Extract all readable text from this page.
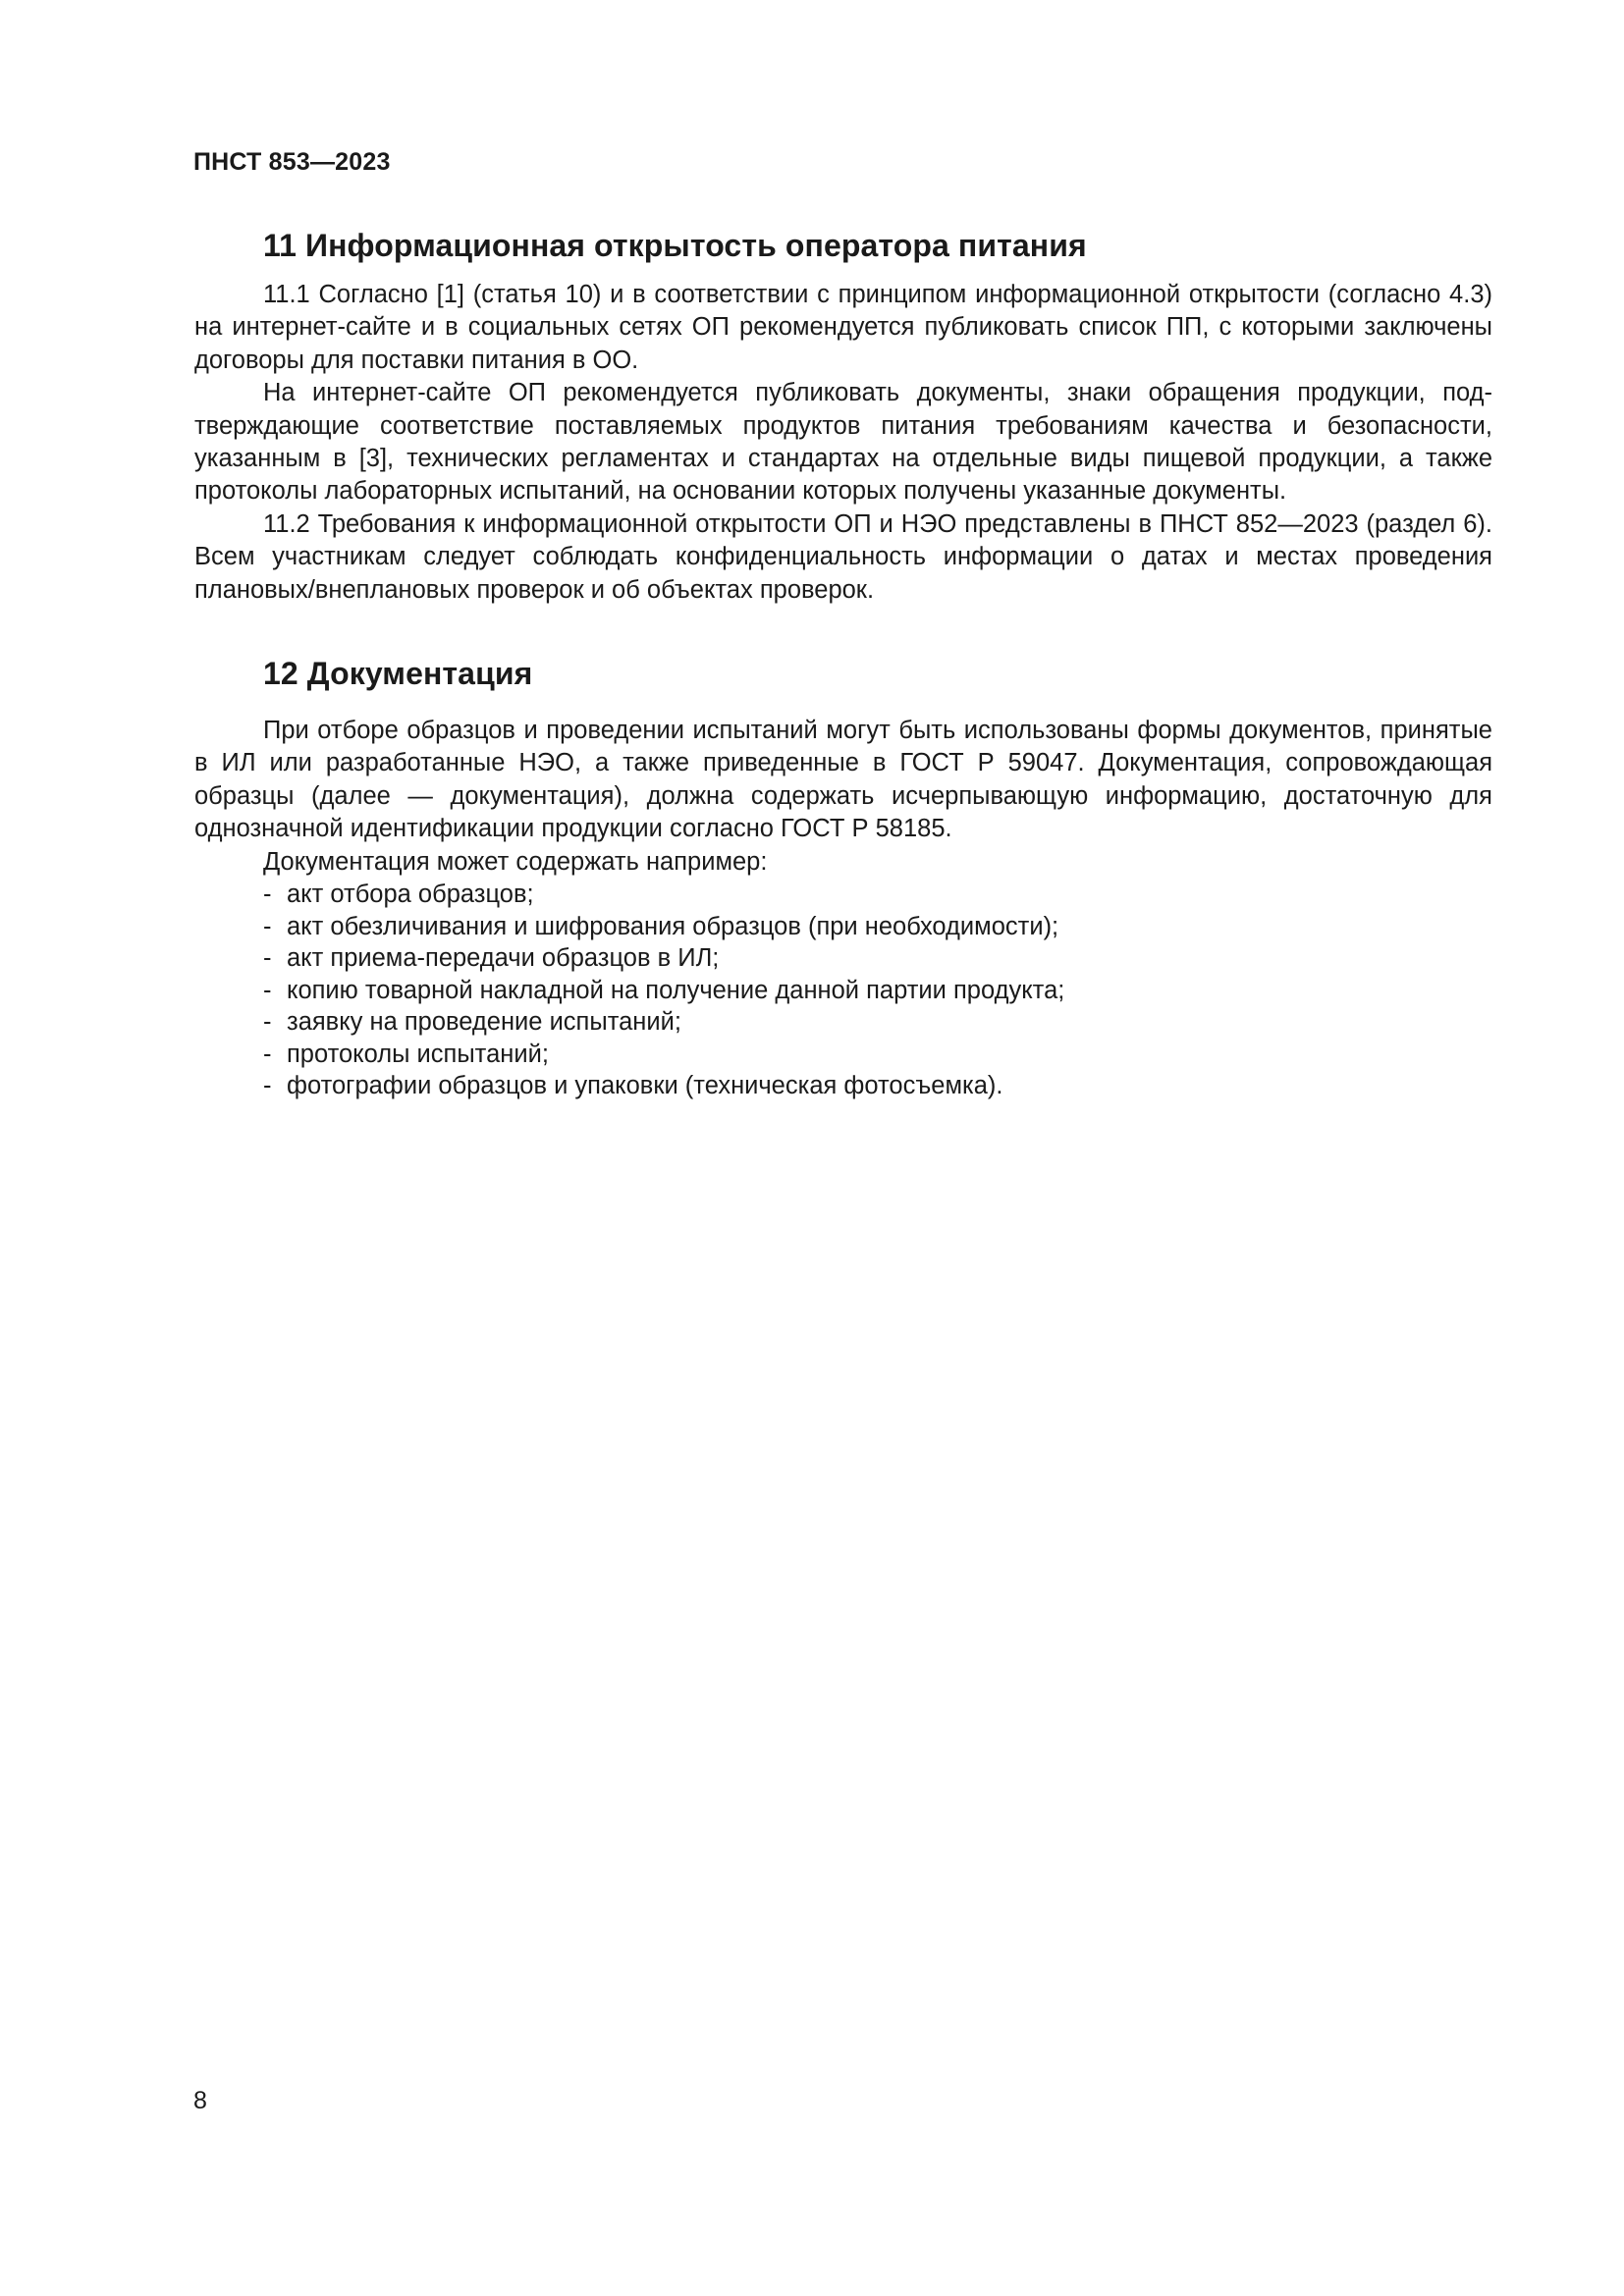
ПНСТ 853—2023

11 Информационная открытость оператора питания

11.1 Согласно [1] (статья 10) и в соответствии с принципом информационной открытости (согласно 4.3) на интернет-сайте и в социальных сетях ОП рекомендуется публиковать список ПП, с которыми заключены договоры для поставки питания в ОО.

На интернет-сайте ОП рекомендуется публиковать документы, знаки обращения продукции, подтверждающие соответствие поставляемых продуктов питания требованиям качества и безопасности, указанным в [3], технических регламентах и стандартах на отдельные виды пищевой продукции, а также протоколы лабораторных испытаний, на основании которых получены указанные документы.

11.2 Требования к информационной открытости ОП и НЭО представлены в ПНСТ 852—2023 (раздел 6). Всем участникам следует соблюдать конфиденциальность информации о датах и местах проведения плановых/внеплановых проверок и об объектах проверок.

12 Документация

При отборе образцов и проведении испытаний могут быть использованы формы документов, принятые в ИЛ или разработанные НЭО, а также приведенные в ГОСТ Р 59047. Документация, сопровождающая образцы (далее — документация), должна содержать исчерпывающую информацию, достаточную для однозначной идентификации продукции согласно ГОСТ Р 58185.

Документация может содержать например:

- акт отбора образцов;
- акт обезличивания и шифрования образцов (при необходимости);
- акт приема-передачи образцов в ИЛ;
- копию товарной накладной на получение данной партии продукта;
- заявку на проведение испытаний;
- протоколы испытаний;
- фотографии образцов и упаковки (техническая фотосъемка).

8
